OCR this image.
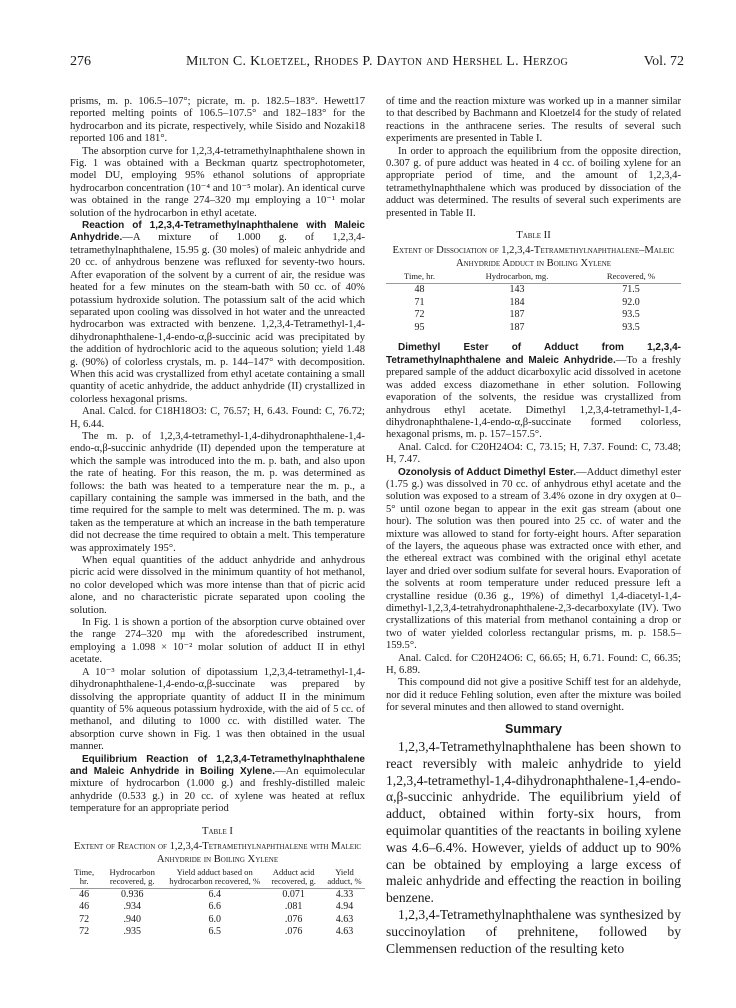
276	Milton C. Kloetzel, Rhodes P. Dayton and Hershel L. Herzog	Vol. 72

prisms, m. p. 106.5–107°; picrate, m. p. 182.5–183°. Hewett17 reported melting points of 106.5–107.5° and 182–183° for the hydrocarbon and its picrate, respectively, while Sisido and Nozaki18 reported 106 and 181°.

The absorption curve for 1,2,3,4-tetramethylnaphthalene shown in Fig. 1 was obtained with a Beckman quartz spectrophotometer, model DU, employing 95% ethanol solutions of appropriate hydrocarbon concentration (10⁻⁴ and 10⁻⁵ molar). An identical curve was obtained in the range 274–320 mμ employing a 10⁻¹ molar solution of the hydrocarbon in ethyl acetate.

Reaction of 1,2,3,4-Tetramethylnaphthalene with Maleic Anhydride.—A mixture of 1.000 g. of 1,2,3,4-tetramethylnaphthalene, 15.95 g. (30 moles) of maleic anhydride and 20 cc. of anhydrous benzene was refluxed for seventy-two hours. After evaporation of the solvent by a current of air, the residue was heated for a few minutes on the steam-bath with 50 cc. of 40% potassium hydroxide solution. The potassium salt of the acid which separated upon cooling was dissolved in hot water and the unreacted hydrocarbon was extracted with benzene. 1,2,3,4-Tetramethyl-1,4-dihydronaphthalene-1,4-endo-α,β-succinic acid was precipitated by the addition of hydrochloric acid to the aqueous solution; yield 1.48 g. (90%) of colorless crystals, m. p. 144–147° with decomposition. When this acid was crystallized from ethyl acetate containing a small quantity of acetic anhydride, the adduct anhydride (II) crystallized in colorless hexagonal prisms.

Anal. Calcd. for C18H18O3: C, 76.57; H, 6.43. Found: C, 76.72; H, 6.44.

The m. p. of 1,2,3,4-tetramethyl-1,4-dihydronaphthalene-1,4-endo-α,β-succinic anhydride (II) depended upon the temperature at which the sample was introduced into the m. p. bath, and also upon the rate of heating. For this reason, the m. p. was determined as follows: the bath was heated to a temperature near the m. p., a capillary containing the sample was immersed in the bath, and the time required for the sample to melt was determined. The m. p. was taken as the temperature at which an increase in the bath temperature did not decrease the time required to obtain a melt. This temperature was approximately 195°.

When equal quantities of the adduct anhydride and anhydrous picric acid were dissolved in the minimum quantity of hot methanol, no color developed which was more intense than that of picric acid alone, and no characteristic picrate separated upon cooling the solution.

In Fig. 1 is shown a portion of the absorption curve obtained over the range 274–320 mμ with the aforedescribed instrument, employing a 1.098 × 10⁻² molar solution of adduct II in ethyl acetate.

A 10⁻³ molar solution of dipotassium 1,2,3,4-tetramethyl-1,4-dihydronaphthalene-1,4-endo-α,β-succinate was prepared by dissolving the appropriate quantity of adduct II in the minimum quantity of 5% aqueous potassium hydroxide, with the aid of 5 cc. of methanol, and diluting to 1000 cc. with distilled water. The absorption curve shown in Fig. 1 was then obtained in the usual manner.

Equilibrium Reaction of 1,2,3,4-Tetramethylnaphthalene and Maleic Anhydride in Boiling Xylene.—An equimolecular mixture of hydrocarbon (1.000 g.) and freshly-distilled maleic anhydride (0.533 g.) in 20 cc. of xylene was heated at reflux temperature for an appropriate period

Table I
Extent of Reaction of 1,2,3,4-Tetramethylnaphthalene with Maleic Anhydride in Boiling Xylene
Time, hr.	Hydrocarbon recovered, g.	Yield adduct based on hydrocarbon recovered, %	Adduct acid recovered, g.	Yield adduct, %
46	0.936	6.4	0.071	4.33
46	.934	6.6	.081	4.94
72	.940	6.0	.076	4.63
72	.935	6.5	.076	4.63

of time and the reaction mixture was worked up in a manner similar to that described by Bachmann and Kloetzel4 for the study of related reactions in the anthracene series. The results of several such experiments are presented in Table I.

In order to approach the equilibrium from the opposite direction, 0.307 g. of pure adduct was heated in 4 cc. of boiling xylene for an appropriate period of time, and the amount of 1,2,3,4-tetramethylnaphthalene which was produced by dissociation of the adduct was determined. The results of several such experiments are presented in Table II.

Table II
Extent of Dissociation of 1,2,3,4-Tetramethylnaphthalene–Maleic Anhydride Adduct in Boiling Xylene
Time, hr.	Hydrocarbon, mg.	Recovered, %
48	143	71.5
71	184	92.0
72	187	93.5
95	187	93.5

Dimethyl Ester of Adduct from 1,2,3,4-Tetramethylnaphthalene and Maleic Anhydride.—To a freshly prepared sample of the adduct dicarboxylic acid dissolved in acetone was added excess diazomethane in ether solution. Following evaporation of the solvents, the residue was crystallized from anhydrous ethyl acetate. Dimethyl 1,2,3,4-tetramethyl-1,4-dihydronaphthalene-1,4-endo-α,β-succinate formed colorless, hexagonal prisms, m. p. 157–157.5°.

Anal. Calcd. for C20H24O4: C, 73.15; H, 7.37. Found: C, 73.48; H, 7.47.

Ozonolysis of Adduct Dimethyl Ester.—Adduct dimethyl ester (1.75 g.) was dissolved in 70 cc. of anhydrous ethyl acetate and the solution was exposed to a stream of 3.4% ozone in dry oxygen at 0–5° until ozone began to appear in the exit gas stream (about one hour). The solution was then poured into 25 cc. of water and the mixture was allowed to stand for forty-eight hours. After separation of the layers, the aqueous phase was extracted once with ether, and the ethereal extract was combined with the original ethyl acetate layer and dried over sodium sulfate for several hours. Evaporation of the solvents at room temperature under reduced pressure left a crystalline residue (0.36 g., 19%) of dimethyl 1,4-diacetyl-1,4-dimethyl-1,2,3,4-tetrahydronaphthalene-2,3-decarboxylate (IV). Two crystallizations of this material from methanol containing a drop or two of water yielded colorless rectangular prisms, m. p. 158.5–159.5°.

Anal. Calcd. for C20H24O6: C, 66.65; H, 6.71. Found: C, 66.35; H, 6.89.

This compound did not give a positive Schiff test for an aldehyde, nor did it reduce Fehling solution, even after the mixture was boiled for several minutes and then allowed to stand overnight.

Summary

1,2,3,4-Tetramethylnaphthalene has been shown to react reversibly with maleic anhydride to yield 1,2,3,4-tetramethyl-1,4-dihydronaphthalene-1,4-endo-α,β-succinic anhydride. The equilibrium yield of adduct, obtained within forty-six hours, from equimolar quantities of the reactants in boiling xylene was 4.6–6.4%. However, yields of adduct up to 90% can be obtained by employing a large excess of maleic anhydride and effecting the reaction in boiling benzene.

1,2,3,4-Tetramethylnaphthalene was synthesized by succinoylation of prehnitene, followed by Clemmensen reduction of the resulting keto
